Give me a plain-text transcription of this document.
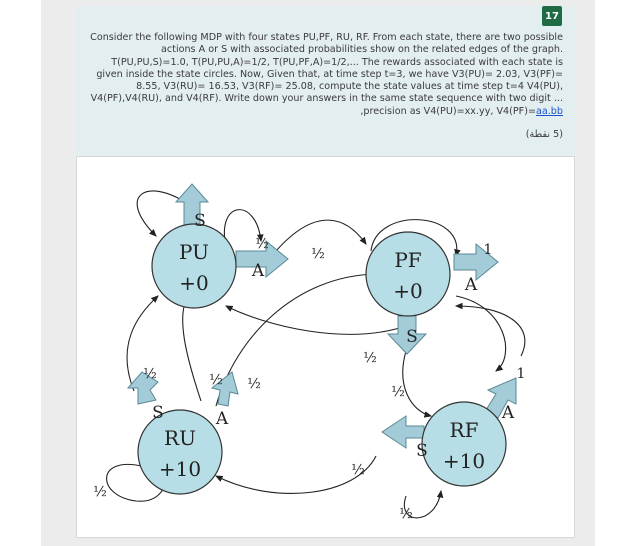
17
Consider the following MDP with four states PU,PF, RU, RF. From each state, there are two possible actions A or S with associated probabilities show on the related edges of the graph. T(PU,PU,S)=1.0, T(PU,PU,A)=1/2, T(PU,PF,A)=1/2,... The rewards associated with each state is given inside the state circles. Now, Given that, at time step t=3, we have V3(PU)= 2.03, V3(PF)= 8.55, V3(RU)= 16.53, V3(RF)= 25.08, compute the state values at time step t=4 V4(PU), V4(PF),V4(RU), and V4(RF). Write down your answers in the same state sequence with two digit ... ,precision as V4(PU)=xx.yy, V4(PF)=aa.bb
(5 نقطة)
PU
+0
PF
+0
RU
+10
RF
+10
S
A
A
S
S	A
S
A
½
½	1
½
½
1
½	½ ½
½
½
½
